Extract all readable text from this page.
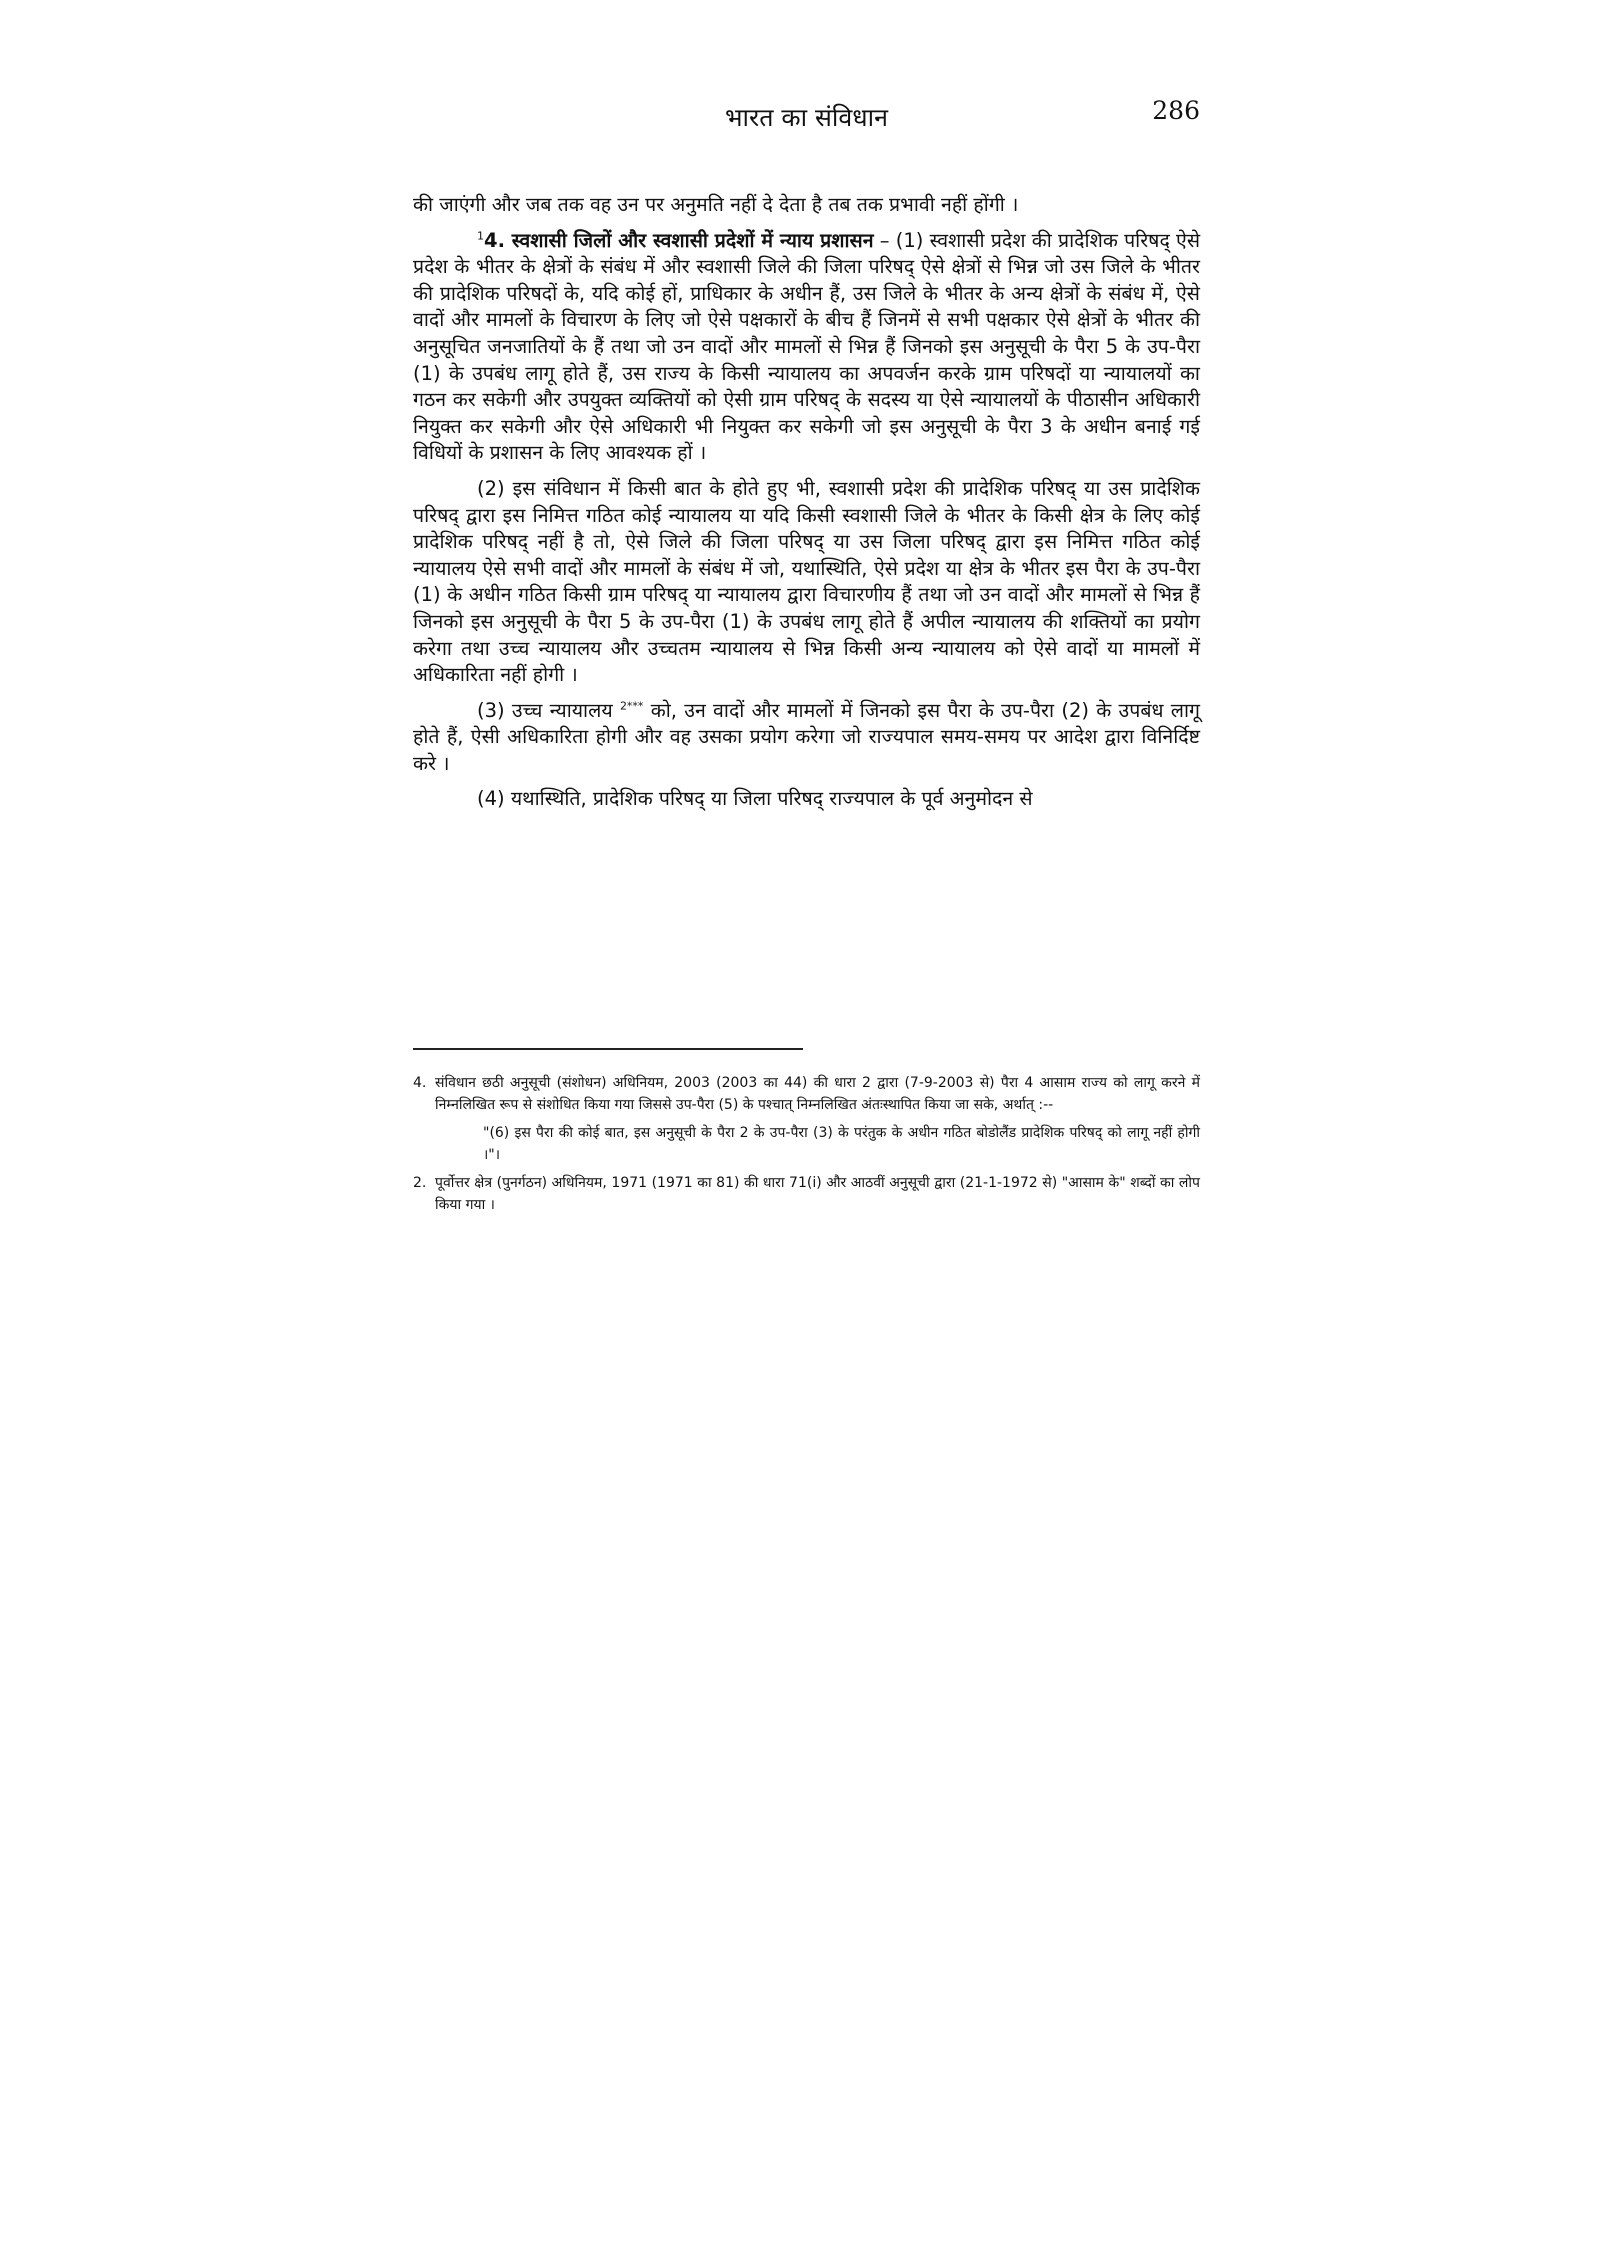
भारत का संविधान	286

की जाएंगी और जब तक वह उन पर अनुमति नहीं दे देता है तब तक प्रभावी नहीं होंगी ।

$^1$4. स्वशासी जिलों और स्वशासी प्रदेशों में न्याय प्रशासन – (1) स्वशासी प्रदेश की प्रादेशिक परिषद् ऐसे प्रदेश के भीतर के क्षेत्रों के संबंध में और स्वशासी जिले की जिला परिषद् ऐसे क्षेत्रों से भिन्न जो उस जिले के भीतर की प्रादेशिक परिषदों के, यदि कोई हों, प्राधिकार के अधीन हैं, उस जिले के भीतर के अन्य क्षेत्रों के संबंध में, ऐसे वादों और मामलों के विचारण के लिए जो ऐसे पक्षकारों के बीच हैं जिनमें से सभी पक्षकार ऐसे क्षेत्रों के भीतर की अनुसूचित जनजातियों के हैं तथा जो उन वादों और मामलों से भिन्न हैं जिनको इस अनुसूची के पैरा 5 के उप-पैरा (1) के उपबंध लागू होते हैं, उस राज्य के किसी न्यायालय का अपवर्जन करके ग्राम परिषदों या न्यायालयों का गठन कर सकेगी और उपयुक्त व्यक्तियों को ऐसी ग्राम परिषद् के सदस्य या ऐसे न्यायालयों के पीठासीन अधिकारी नियुक्त कर सकेगी और ऐसे अधिकारी भी नियुक्त कर सकेगी जो इस अनुसूची के पैरा 3 के अधीन बनाई गई विधियों के प्रशासन के लिए आवश्यक हों ।

(2) इस संविधान में किसी बात के होते हुए भी, स्वशासी प्रदेश की प्रादेशिक परिषद् या उस प्रादेशिक परिषद् द्वारा इस निमित्त गठित कोई न्यायालय या यदि किसी स्वशासी जिले के भीतर के किसी क्षेत्र के लिए कोई प्रादेशिक परिषद् नहीं है तो, ऐसे जिले की जिला परिषद् या उस जिला परिषद् द्वारा इस निमित्त गठित कोई न्यायालय ऐसे सभी वादों और मामलों के संबंध में जो, यथास्थिति, ऐसे प्रदेश या क्षेत्र के भीतर इस पैरा के उप-पैरा (1) के अधीन गठित किसी ग्राम परिषद् या न्यायालय द्वारा विचारणीय हैं तथा जो उन वादों और मामलों से भिन्न हैं जिनको इस अनुसूची के पैरा 5 के उप-पैरा (1) के उपबंध लागू होते हैं अपील न्यायालय की शक्तियों का प्रयोग करेगा तथा उच्च न्यायालय और उच्चतम न्यायालय से भिन्न किसी अन्य न्यायालय को ऐसे वादों या मामलों में अधिकारिता नहीं होगी ।

(3) उच्च न्यायालय $^{2***}$ को, उन वादों और मामलों में जिनको इस पैरा के उप-पैरा (2) के उपबंध लागू होते हैं, ऐसी अधिकारिता होगी और वह उसका प्रयोग करेगा जो राज्यपाल समय-समय पर आदेश द्वारा विनिर्दिष्ट करे ।

(4) यथास्थिति, प्रादेशिक परिषद् या जिला परिषद् राज्यपाल के पूर्व अनुमोदन से

4. संविधान छठी अनुसूची (संशोधन) अधिनियम, 2003 (2003 का 44) की धारा 2 द्वारा (7-9-2003 से) पैरा 4 आसाम राज्य को लागू करने में निम्नलिखित रूप से संशोधित किया गया जिससे उप-पैरा (5) के पश्चात् निम्नलिखित अंतःस्थापित किया जा सके, अर्थात् :--
"(6) इस पैरा की कोई बात, इस अनुसूची के पैरा 2 के उप-पैरा (3) के परंतुक के अधीन गठित बोडोलैंड प्रादेशिक परिषद् को लागू नहीं होगी ।"।
2. पूर्वोत्तर क्षेत्र (पुनर्गठन) अधिनियम, 1971 (1971 का 81) की धारा 71(i) और आठवीं अनुसूची द्वारा (21-1-1972 से) "आसाम के" शब्दों का लोप किया गया ।
